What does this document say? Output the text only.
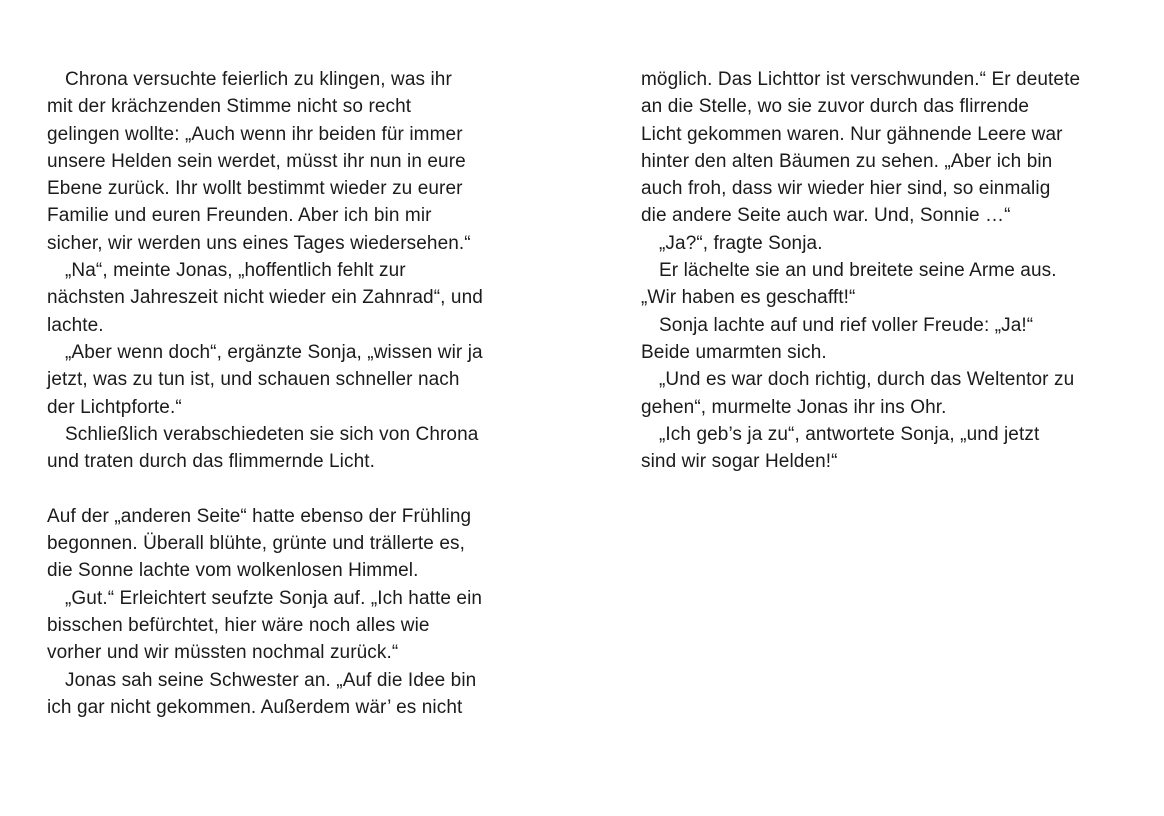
Chrona versuchte feierlich zu klingen, was ihr
mit der krächzenden Stimme nicht so recht
gelingen wollte: „Auch wenn ihr beiden für immer
unsere Helden sein werdet, müsst ihr nun in eure
Ebene zurück. Ihr wollt bestimmt wieder zu eurer
Familie und euren Freunden. Aber ich bin mir
sicher, wir werden uns eines Tages wiedersehen.“
„Na“, meinte Jonas, „hoffentlich fehlt zur
nächsten Jahreszeit nicht wieder ein Zahnrad“, und
lachte.
„Aber wenn doch“, ergänzte Sonja, „wissen wir ja
jetzt, was zu tun ist, und schauen schneller nach
der Lichtpforte.“
Schließlich verabschiedeten sie sich von Chrona
und traten durch das flimmernde Licht.
Auf der „anderen Seite“ hatte ebenso der Frühling
begonnen. Überall blühte, grünte und trällerte es,
die Sonne lachte vom wolkenlosen Himmel.
„Gut.“ Erleichtert seufzte Sonja auf. „Ich hatte ein
bisschen befürchtet, hier wäre noch alles wie
vorher und wir müssten nochmal zurück.“
Jonas sah seine Schwester an. „Auf die Idee bin
ich gar nicht gekommen. Außerdem wär’ es nicht
möglich. Das Lichttor ist verschwunden.“ Er deutete
an die Stelle, wo sie zuvor durch das flirrende
Licht gekommen waren. Nur gähnende Leere war
hinter den alten Bäumen zu sehen. „Aber ich bin
auch froh, dass wir wieder hier sind, so einmalig
die andere Seite auch war. Und, Sonnie …“
„Ja?“, fragte Sonja.
Er lächelte sie an und breitete seine Arme aus.
„Wir haben es geschafft!“
Sonja lachte auf und rief voller Freude: „Ja!“
Beide umarmten sich.
„Und es war doch richtig, durch das Weltentor zu
gehen“, murmelte Jonas ihr ins Ohr.
„Ich geb’s ja zu“, antwortete Sonja, „und jetzt
sind wir sogar Helden!“
